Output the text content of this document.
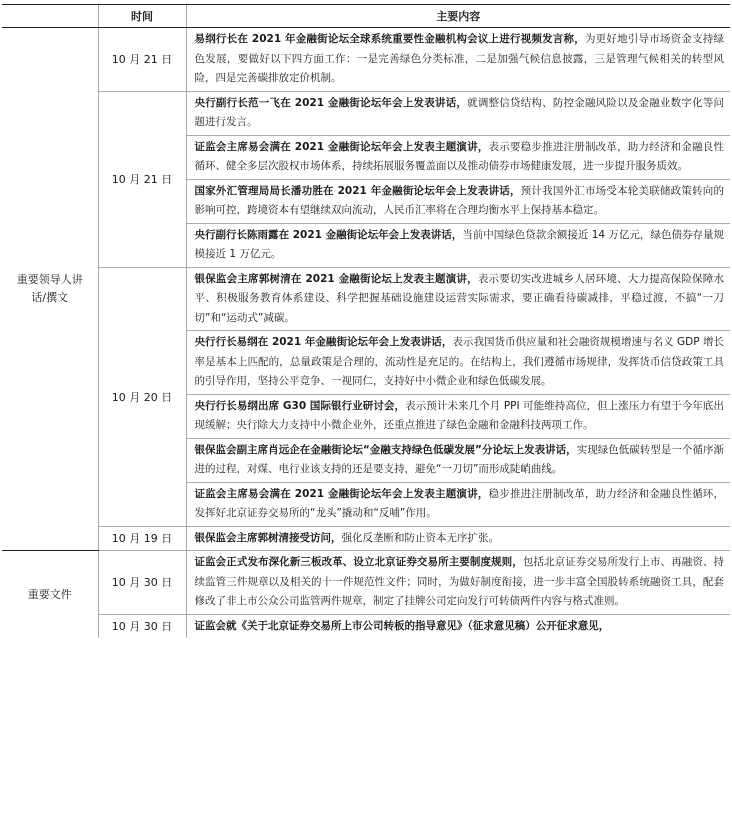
	时间	主要内容
重要领导人讲话/撰文	10 月 21 日	易纲行长在 2021 年金融街论坛全球系统重要性金融机构会议上进行视频发言称，为更好地引导市场资金支持绿色发展，要做好以下四方面工作：一是完善绿色分类标准，二是加强气候信息披露，三是管理气候相关的转型风险，四是完善碳排放定价机制。
	10 月 21 日	央行副行长范一飞在 2021 金融街论坛年会上发表讲话，就调整信贷结构、防控金融风险以及金融业数字化等问题进行发言。
		证监会主席易会满在 2021 金融街论坛年会上发表主题演讲，表示要稳步推进注册制改革，助力经济和金融良性循环、健全多层次股权市场体系，持续拓展服务覆盖面以及推动债券市场健康发展，进一步提升服务质效。
		国家外汇管理局局长潘功胜在 2021 年金融街论坛年会上发表讲话，预计我国外汇市场受本轮美联储政策转向的影响可控，跨境资本有望继续双向流动，人民币汇率将在合理均衡水平上保持基本稳定。
		央行副行长陈雨露在 2021 金融街论坛年会上发表讲话，当前中国绿色贷款余额接近 14 万亿元，绿色债券存量规模接近 1 万亿元。
	10 月 20 日	银保监会主席郭树清在 2021 金融街论坛上发表主题演讲，表示要切实改进城乡人居环境、大力提高保险保障水平、积极服务教育体系建设、科学把握基础设施建设运营实际需求，要正确看待碳减排，平稳过渡，不搞“一刀切”和“运动式”减碳。
		央行行长易纲在 2021 年金融街论坛年会上发表讲话，表示我国货币供应量和社会融资规模增速与名义 GDP 增长率是基本上匹配的，总量政策是合理的，流动性是充足的。在结构上，我们遵循市场规律，发挥货币信贷政策工具的引导作用，坚持公平竞争、一视同仁，支持好中小微企业和绿色低碳发展。
		央行行长易纲出席 G30 国际银行业研讨会，表示预计未来几个月 PPI 可能维持高位，但上涨压力有望于今年底出现缓解；央行除大力支持中小微企业外，还重点推进了绿色金融和金融科技两项工作。
		银保监会副主席肖远企在金融街论坛“金融支持绿色低碳发展”分论坛上发表讲话，实现绿色低碳转型是一个循序渐进的过程，对煤、电行业该支持的还是要支持，避免“一刀切”而形成陡峭曲线。
		证监会主席易会满在 2021 金融街论坛年会上发表主题演讲，稳步推进注册制改革，助力经济和金融良性循环，发挥好北京证券交易所的“龙头”撬动和“反哺”作用。
	10 月 19 日	银保监会主席郭树清接受访问，强化反垄断和防止资本无序扩张。
重要文件	10 月 30 日	证监会正式发布深化新三板改革、设立北京证券交易所主要制度规则，包括北京证券交易所发行上市、再融资、持续监管三件规章以及相关的十一件规范性文件；同时，为做好制度衔接，进一步丰富全国股转系统融资工具，配套修改了非上市公众公司监管两件规章，制定了挂牌公司定向发行可转债两件内容与格式准则。
	10 月 30 日	证监会就《关于北京证券交易所上市公司转板的指导意见》（征求意见稿）公开征求意见，
